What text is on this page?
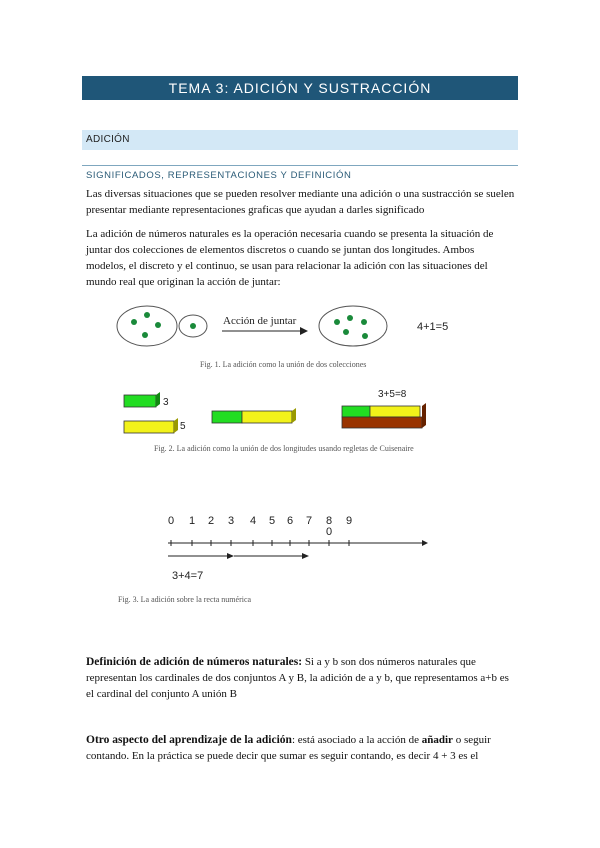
TEMA 3: ADICIÓN Y SUSTRACCIÓN
ADICIÓN
SIGNIFICADOS, REPRESENTACIONES Y DEFINICIÓN

Las diversas situaciones que se pueden resolver mediante una adición o una sustracción se suelen presentar mediante representaciones graficas que ayudan a darles significado

La adición de números naturales es la operación necesaria cuando se presenta la situación de juntar dos colecciones de elementos discretos o cuando se juntan dos longitudes. Ambos modelos, el discreto y el continuo, se usan para relacionar la adición con las situaciones del mundo real que originan la acción de juntar:

Acción de juntar	4+1=5
Fig. 1. La adición como la unión de dos colecciones
3
5
3+5=8
Fig. 2. La adición como la unión de dos longitudes usando regletas de Cuisenaire
0 1 2 3 4 5 6 7 8 9
0
3+4=7
Fig. 3. La adición sobre la recta numérica

Definición de adición de números naturales: Si a y b son dos números naturales que representan los cardinales de dos conjuntos A y B, la adición de a y b, que representamos a+b es el cardinal del conjunto A unión B

Otro aspecto del aprendizaje de la adición: está asociado a la acción de añadir o seguir contando. En la práctica se puede decir que sumar es seguir contando, es decir 4 + 3 es el
